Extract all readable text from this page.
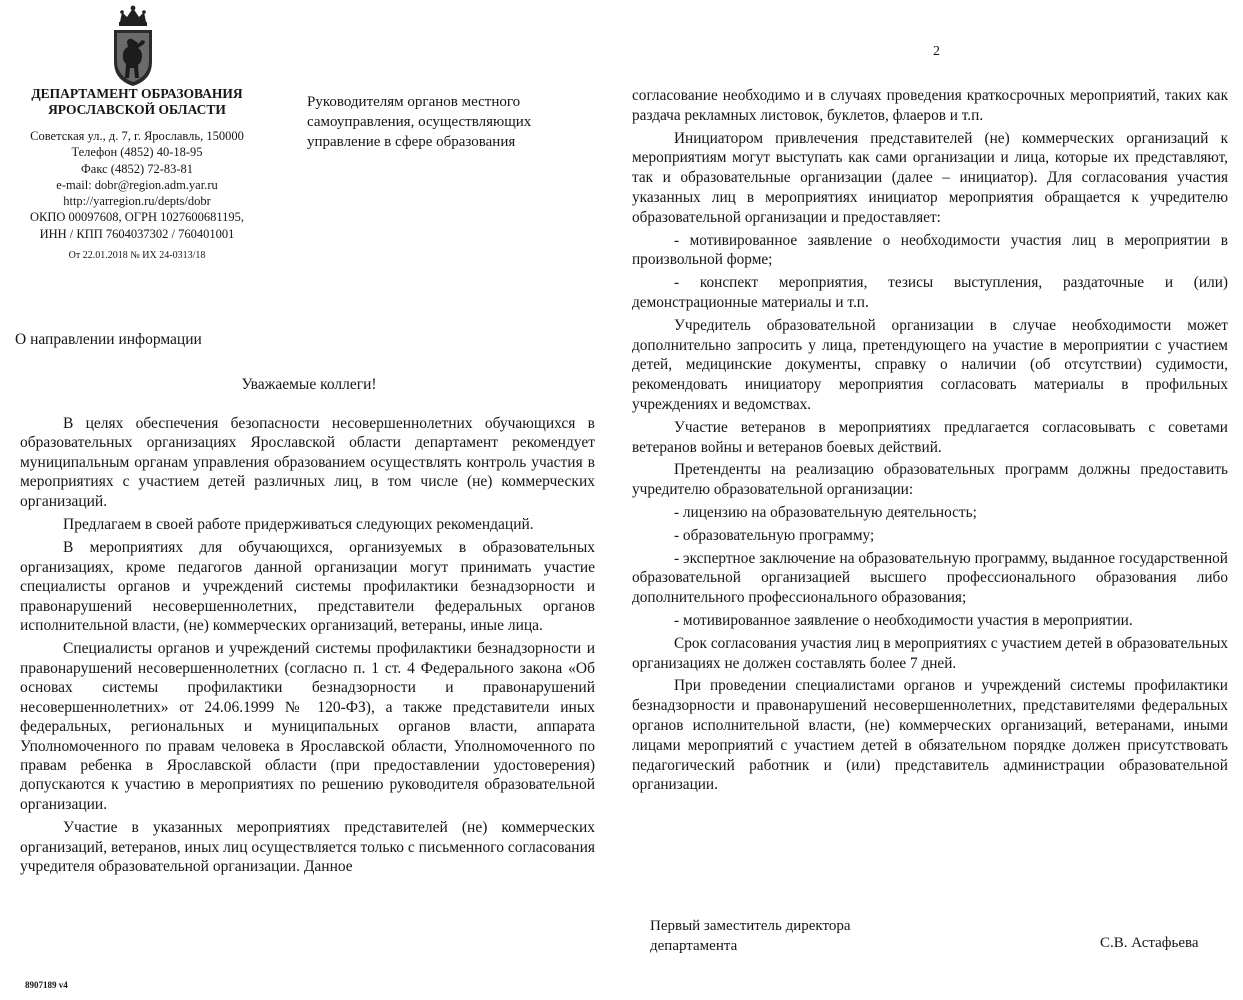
ДЕПАРТАМЕНТ ОБРАЗОВАНИЯ
ЯРОСЛАВСКОЙ ОБЛАСТИ

Советская ул., д. 7, г. Ярославль, 150000
Телефон (4852) 40-18-95
Факс (4852) 72-83-81
e-mail: dobr@region.adm.yar.ru
http://yarregion.ru/depts/dobr
ОКПО 00097608, ОГРН 1027600681195,
ИНН / КПП 7604037302 / 760401001
От 22.01.2018 № ИХ 24-0313/18
Руководителям органов местного самоуправления, осуществляющих управление в сфере образования
О направлении информации
Уважаемые коллеги!

В целях обеспечения безопасности несовершеннолетних обучающихся в образовательных организациях Ярославской области департамент рекомендует муниципальным органам управления образованием осуществлять контроль участия в мероприятиях с участием детей различных лиц, в том числе (не) коммерческих организаций.

Предлагаем в своей работе придерживаться следующих рекомендаций.

В мероприятиях для обучающихся, организуемых в образовательных организациях, кроме педагогов данной организации могут принимать участие специалисты органов и учреждений системы профилактики безнадзорности и правонарушений несовершеннолетних, представители федеральных органов исполнительной власти, (не) коммерческих организаций, ветераны, иные лица.

Специалисты органов и учреждений системы профилактики безнадзорности и правонарушений несовершеннолетних (согласно п. 1 ст. 4 Федерального закона «Об основах системы профилактики безнадзорности и правонарушений несовершеннолетних» от 24.06.1999 № 120-ФЗ), а также представители иных федеральных, региональных и муниципальных органов власти, аппарата Уполномоченного по правам человека в Ярославской области, Уполномоченного по правам ребенка в Ярославской области (при предоставлении удостоверения) допускаются к участию в мероприятиях по решению руководителя образовательной организации.

Участие в указанных мероприятиях представителей (не) коммерческих организаций, ветеранов, иных лиц осуществляется только с письменного согласования учредителя образовательной организации. Данное

8907189 v4
2

согласование необходимо и в случаях проведения краткосрочных мероприятий, таких как раздача рекламных листовок, буклетов, флаеров и т.п.

Инициатором привлечения представителей (не) коммерческих организаций к мероприятиям могут выступать как сами организации и лица, которые их представляют, так и образовательные организации (далее – инициатор). Для согласования участия указанных лиц в мероприятиях инициатор мероприятия обращается к учредителю образовательной организации и предоставляет:

- мотивированное заявление о необходимости участия лиц в мероприятии в произвольной форме;

- конспект мероприятия, тезисы выступления, раздаточные и (или) демонстрационные материалы и т.п.

Учредитель образовательной организации в случае необходимости может дополнительно запросить у лица, претендующего на участие в мероприятии с участием детей, медицинские документы, справку о наличии (об отсутствии) судимости, рекомендовать инициатору мероприятия согласовать материалы в профильных учреждениях и ведомствах.

Участие ветеранов в мероприятиях предлагается согласовывать с советами ветеранов войны и ветеранов боевых действий.

Претенденты на реализацию образовательных программ должны предоставить учредителю образовательной организации:

- лицензию на образовательную деятельность;

- образовательную программу;

- экспертное заключение на образовательную программу, выданное государственной образовательной организацией высшего профессионального образования либо дополнительного профессионального образования;

- мотивированное заявление о необходимости участия в мероприятии.

Срок согласования участия лиц в мероприятиях с участием детей в образовательных организациях не должен составлять более 7 дней.

При проведении специалистами органов и учреждений системы профилактики безнадзорности и правонарушений несовершеннолетних, представителями федеральных органов исполнительной власти, (не) коммерческих организаций, ветеранами, иными лицами мероприятий с участием детей в обязательном порядке должен присутствовать педагогический работник и (или) представитель администрации образовательной организации.

Первый заместитель директора
департамента	С.В. Астафьева
